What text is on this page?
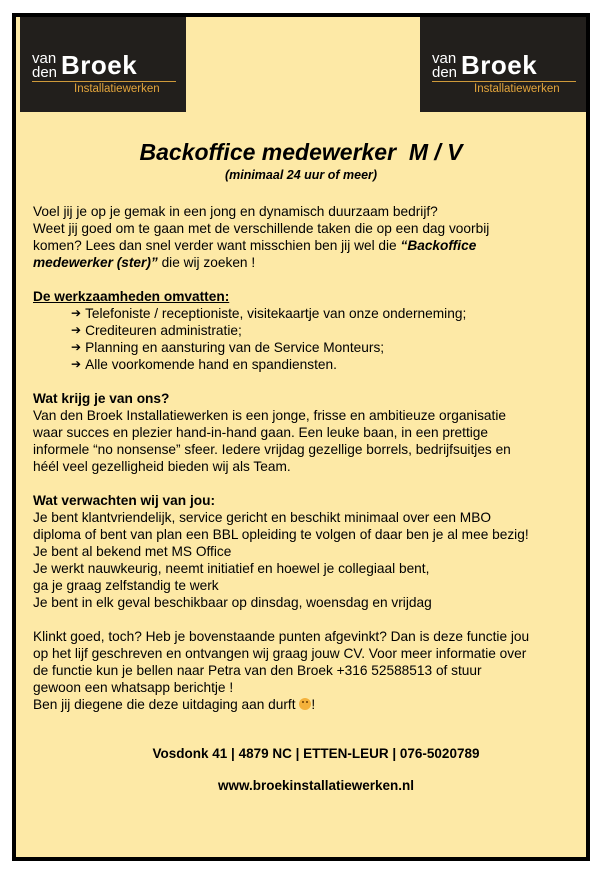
van
den Broek
Installatiewerken
van
den Broek
Installatiewerken
Backoffice medewerker  M / V
(minimaal 24 uur of meer)

Voel jij je op je gemak in een jong en dynamisch duurzaam bedrijf?

Weet jij goed om te gaan met de verschillende taken die op een dag voorbij

komen? Lees dan snel verder want misschien ben jij wel die “Backoffice

medewerker (ster)” die wij zoeken !

De werkzaamheden omvatten:

➔ Telefoniste / receptioniste, visitekaartje van onze onderneming;
➔ Crediteuren administratie;
➔ Planning en aansturing van de Service Monteurs;
➔ Alle voorkomende hand en spandiensten.

Wat krijg je van ons?

Van den Broek Installatiewerken is een jonge, frisse en ambitieuze organisatie

waar succes en plezier hand-in-hand gaan. Een leuke baan, in een prettige

informele “no nonsense” sfeer. Iedere vrijdag gezellige borrels, bedrijfsuitjes en

héél veel gezelligheid bieden wij als Team.

Wat verwachten wij van jou:

Je bent klantvriendelijk, service gericht en beschikt minimaal over een MBO

diploma of bent van plan een BBL opleiding te volgen of daar ben je al mee bezig!

Je bent al bekend met MS Office

Je werkt nauwkeurig, neemt initiatief en hoewel je collegiaal bent,

ga je graag zelfstandig te werk

Je bent in elk geval beschikbaar op dinsdag, woensdag en vrijdag

Klinkt goed, toch? Heb je bovenstaande punten afgevinkt? Dan is deze functie jou

op het lijf geschreven en ontvangen wij graag jouw CV. Voor meer informatie over

de functie kun je bellen naar Petra van den Broek +316 52588513 of stuur

gewoon een whatsapp berichtje !

Ben jij diegene die deze uitdaging aan durft !

Vosdonk 41 | 4879 NC | ETTEN-LEUR | 076-5020789
www.broekinstallatiewerken.nl
